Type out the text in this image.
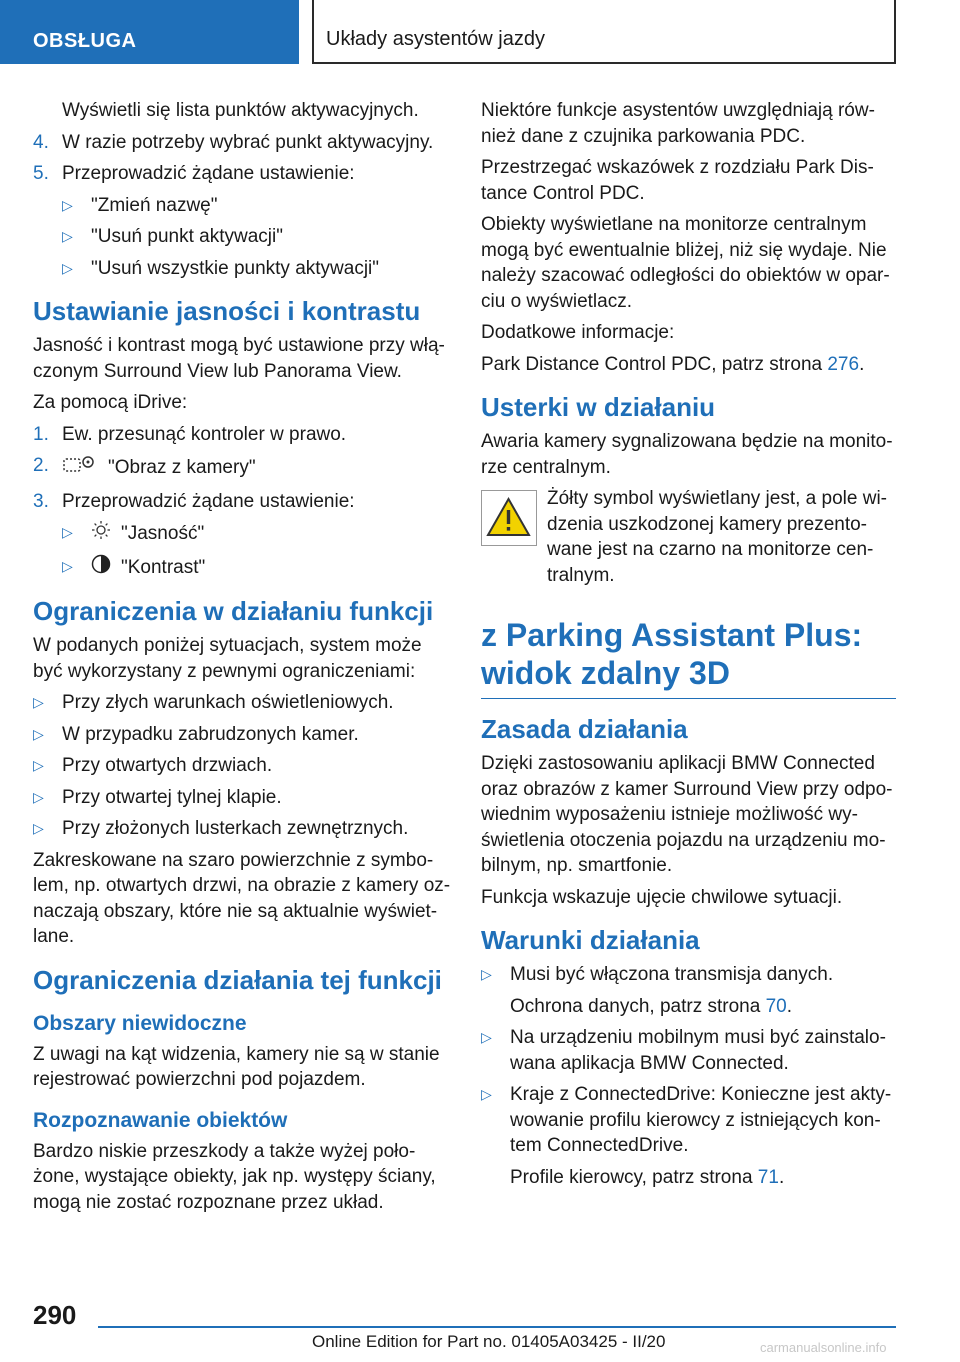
OBSŁUGA	Układy asystentów jazdy

Wyświetli się lista punktów aktywacyjnych.

4. W razie potrzeby wybrać punkt aktywacyjny.
5. Przeprowadzić żądane ustawienie:
▷ "Zmień nazwę"
▷ "Usuń punkt aktywacji"
▷ "Usuń wszystkie punkty aktywacji"
Ustawianie jasności i kontrastu

Jasność i kontrast mogą być ustawione przy włą‐czonym Surround View lub Panorama View.

Za pomocą iDrive:

1. Ew. przesunąć kontroler w prawo.
2.	"Obraz z kamery"
3. Przeprowadzić żądane ustawienie:
▷	"Jasność"
▷	"Kontrast"
Ograniczenia w działaniu funkcji

W podanych poniżej sytuacjach, system może być wykorzystany z pewnymi ograniczeniami:

▷ Przy złych warunkach oświetleniowych.
▷ W przypadku zabrudzonych kamer.
▷ Przy otwartych drzwiach.
▷ Przy otwartej tylnej klapie.
▷ Przy złożonych lusterkach zewnętrznych.

Zakreskowane na szaro powierzchnie z symbo‐lem, np. otwartych drzwi, na obrazie z kamery oz‐naczają obszary, które nie są aktualnie wyświet‐lane.

Ograniczenia działania tej funkcji
Obszary niewidoczne

Z uwagi na kąt widzenia, kamery nie są w stanie rejestrować powierzchni pod pojazdem.

Rozpoznawanie obiektów

Bardzo niskie przeszkody a także wyżej poło‐żone, wystające obiekty, jak np. występy ściany, mogą nie zostać rozpoznane przez układ.

Niektóre funkcje asystentów uwzględniają rów‐nież dane z czujnika parkowania PDC.

Przestrzegać wskazówek z rozdziału Park Dis‐tance Control PDC.

Obiekty wyświetlane na monitorze centralnym mogą być ewentualnie bliżej, niż się wydaje. Nie należy szacować odległości do obiektów w opar‐ciu o wyświetlacz.

Dodatkowe informacje:

Park Distance Control PDC, patrz strona 276.

Usterki w działaniu

Awaria kamery sygnalizowana będzie na monito‐rze centralnym.

Żółty symbol wyświetlany jest, a pole wi‐dzenia uszkodzonej kamery prezento‐wane jest na czarno na monitorze cen‐tralnym.
z Parking Assistant Plus: widok zdalny 3D
Zasada działania

Dzięki zastosowaniu aplikacji BMW Connected oraz obrazów z kamer Surround View przy odpo‐wiednim wyposażeniu istnieje możliwość wy‐świetlenia otoczenia pojazdu na urządzeniu mo‐bilnym, np. smartfonie.

Funkcja wskazuje ujęcie chwilowe sytuacji.

Warunki działania
▷ Musi być włączona transmisja danych.

Ochrona danych, patrz strona 70.

▷ Na urządzeniu mobilnym musi być zainstalo‐wana aplikacja BMW Connected.
▷ Kraje z ConnectedDrive: Konieczne jest akty‐wowanie profilu kierowcy z istniejących kon‐tem ConnectedDrive.

Profile kierowcy, patrz strona 71.

290
Online Edition for Part no. 01405A03425 - II/20	carmanualsonline.info
